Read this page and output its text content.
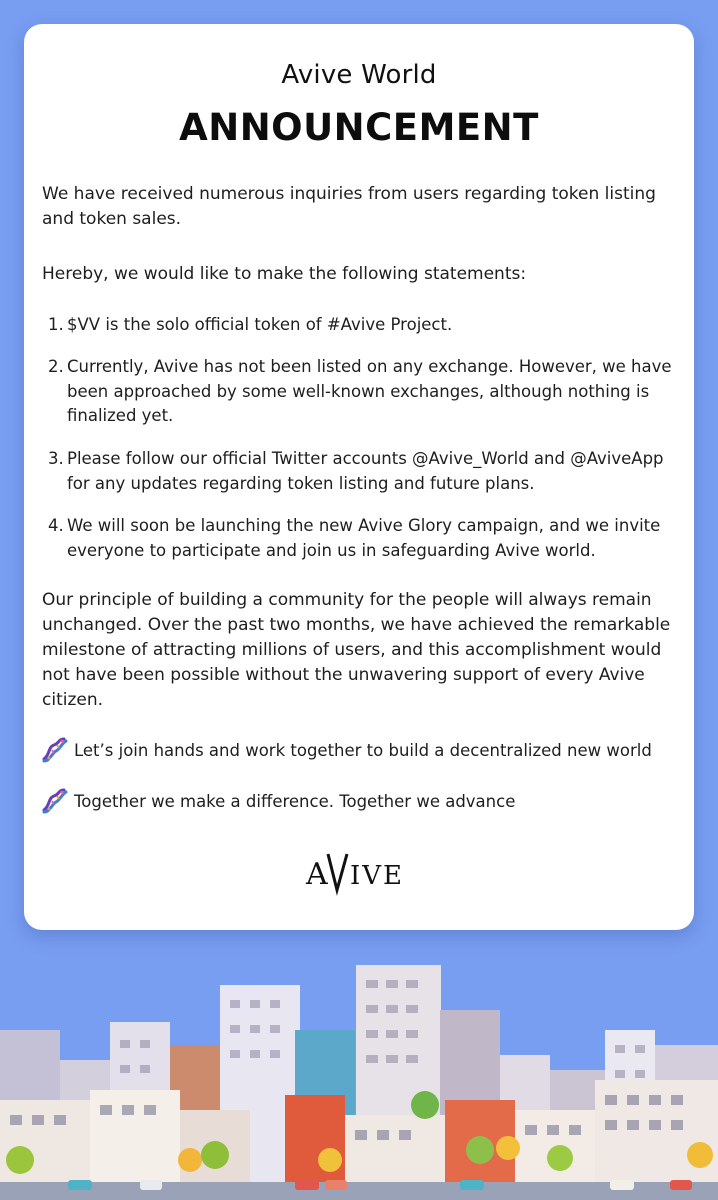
Avive World
ANNOUNCEMENT
We have received numerous inquiries from users regarding token listing and token sales.
Hereby, we would like to make the following statements:
1. $VV is the solo official token of #Avive Project.
2. Currently, Avive has not been listed on any exchange. However, we have been approached by some well-known exchanges, although nothing is finalized yet.
3. Please follow our official Twitter accounts @Avive_World and @AviveApp for any updates regarding token listing and future plans.
4. We will soon be launching the new Avive Glory campaign, and we invite everyone to participate and join us in safeguarding Avive world.
Our principle of building a community for the people will always remain unchanged. Over the past two months, we have achieved the remarkable milestone of attracting millions of users, and this accomplishment would not have been possible without the unwavering support of every Avive citizen.
Let’s join hands and work together to build a decentralized new world
Together we make a difference. Together we advance
A IVE
